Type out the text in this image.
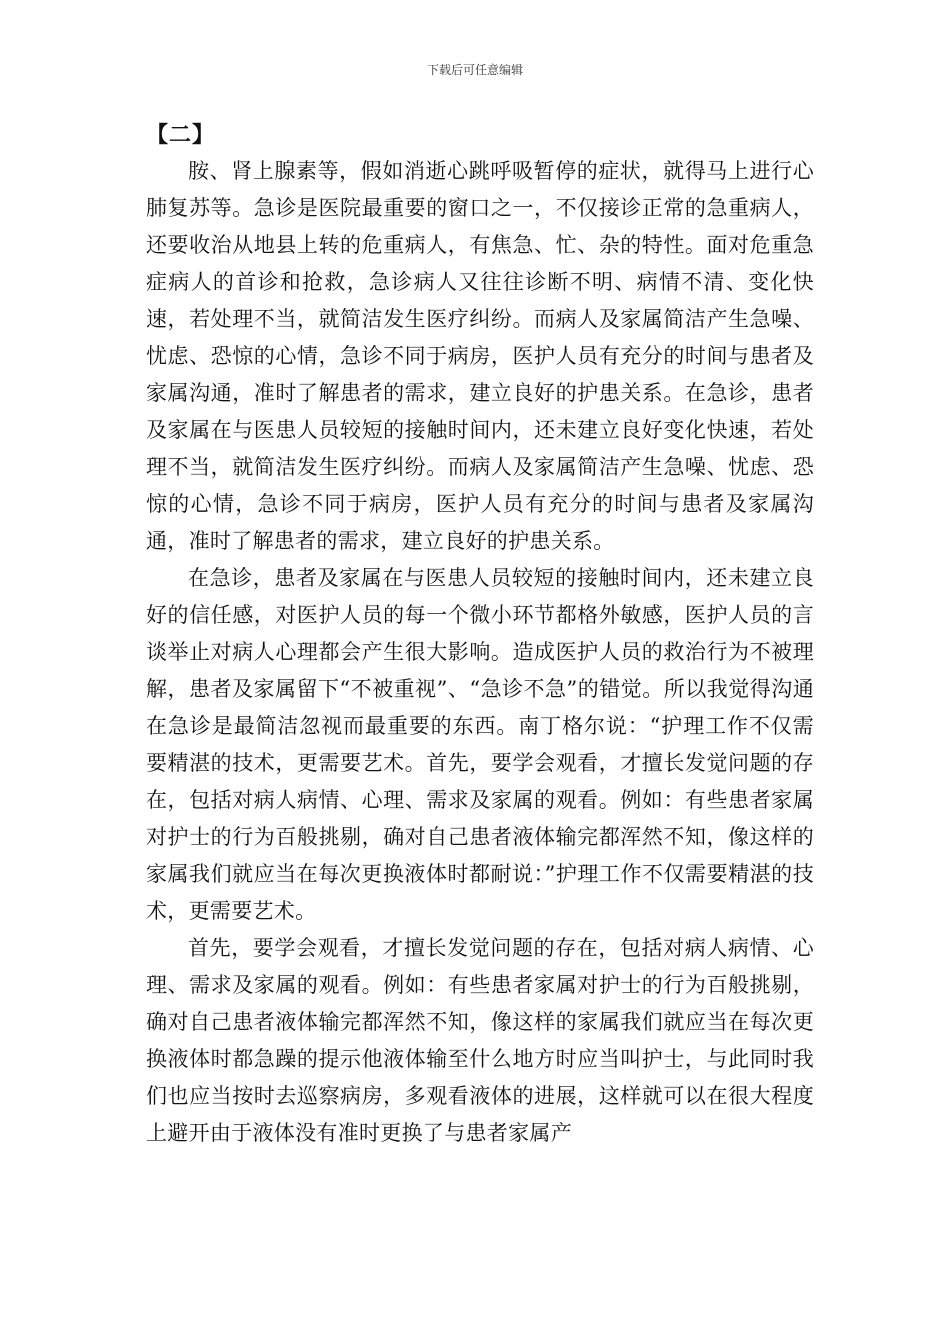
下载后可任意编辑
【二】

胺、肾上腺素等，假如消逝心跳呼吸暂停的症状，就得马上进行心肺复苏等。急诊是医院最重要的窗口之一，不仅接诊正常的急重病人，还要收治从地县上转的危重病人，有焦急、忙、杂的特性。面对危重急症病人的首诊和抢救，急诊病人又往往诊断不明、病情不清、变化快速，若处理不当，就简洁发生医疗纠纷。而病人及家属简洁产生急噪、忧虑、恐惊的心情，急诊不同于病房，医护人员有充分的时间与患者及家属沟通，准时了解患者的需求，建立良好的护患关系。在急诊，患者及家属在与医患人员较短的接触时间内，还未建立良好变化快速，若处理不当，就简洁发生医疗纠纷。而病人及家属简洁产生急噪、忧虑、恐惊的心情，急诊不同于病房，医护人员有充分的时间与患者及家属沟通，准时了解患者的需求，建立良好的护患关系。

在急诊，患者及家属在与医患人员较短的接触时间内，还未建立良好的信任感，对医护人员的每一个微小环节都格外敏感，医护人员的言谈举止对病人心理都会产生很大影响。造成医护人员的救治行为不被理解，患者及家属留下“不被重视”、“急诊不急”的错觉。所以我觉得沟通在急诊是最简洁忽视而最重要的东西。南丁格尔说：“护理工作不仅需要精湛的技术，更需要艺术。首先，要学会观看，才擅长发觉问题的存在，包括对病人病情、心理、需求及家属的观看。例如：有些患者家属对护士的行为百般挑剔，确对自己患者液体输完都浑然不知，像这样的家属我们就应当在每次更换液体时都耐说：”护理工作不仅需要精湛的技术，更需要艺术。

首先，要学会观看，才擅长发觉问题的存在，包括对病人病情、心理、需求及家属的观看。例如：有些患者家属对护士的行为百般挑剔，确对自己患者液体输完都浑然不知，像这样的家属我们就应当在每次更换液体时都急躁的提示他液体输至什么地方时应当叫护士，与此同时我们也应当按时去巡察病房，多观看液体的进展，这样就可以在很大程度上避开由于液体没有准时更换了与患者家属产
